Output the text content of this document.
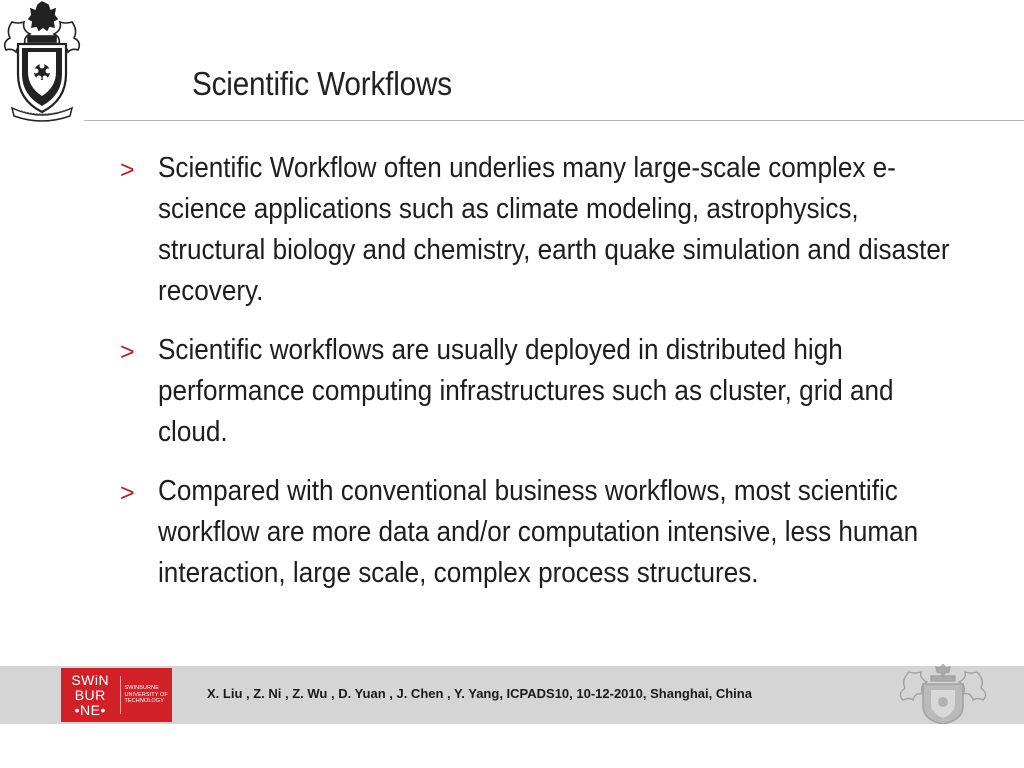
Scientific Workflows
> Scientific Workflow often underlies many large-scale complex e-science applications such as climate modeling, astrophysics, structural biology and chemistry, earth quake simulation and disaster recovery.
> Scientific workflows are usually deployed in distributed high performance computing infrastructures such as cluster, grid and cloud.
> Compared with conventional business workflows, most scientific workflow are more data and/or computation intensive, less human interaction, large scale, complex process structures.
SWiN
BUR
•NE•
SWINBURNE
UNIVERSITY OF
TECHNOLOGY
X. Liu , Z. Ni , Z. Wu , D. Yuan , J. Chen , Y. Yang, ICPADS10, 10-12-2010, Shanghai, China
